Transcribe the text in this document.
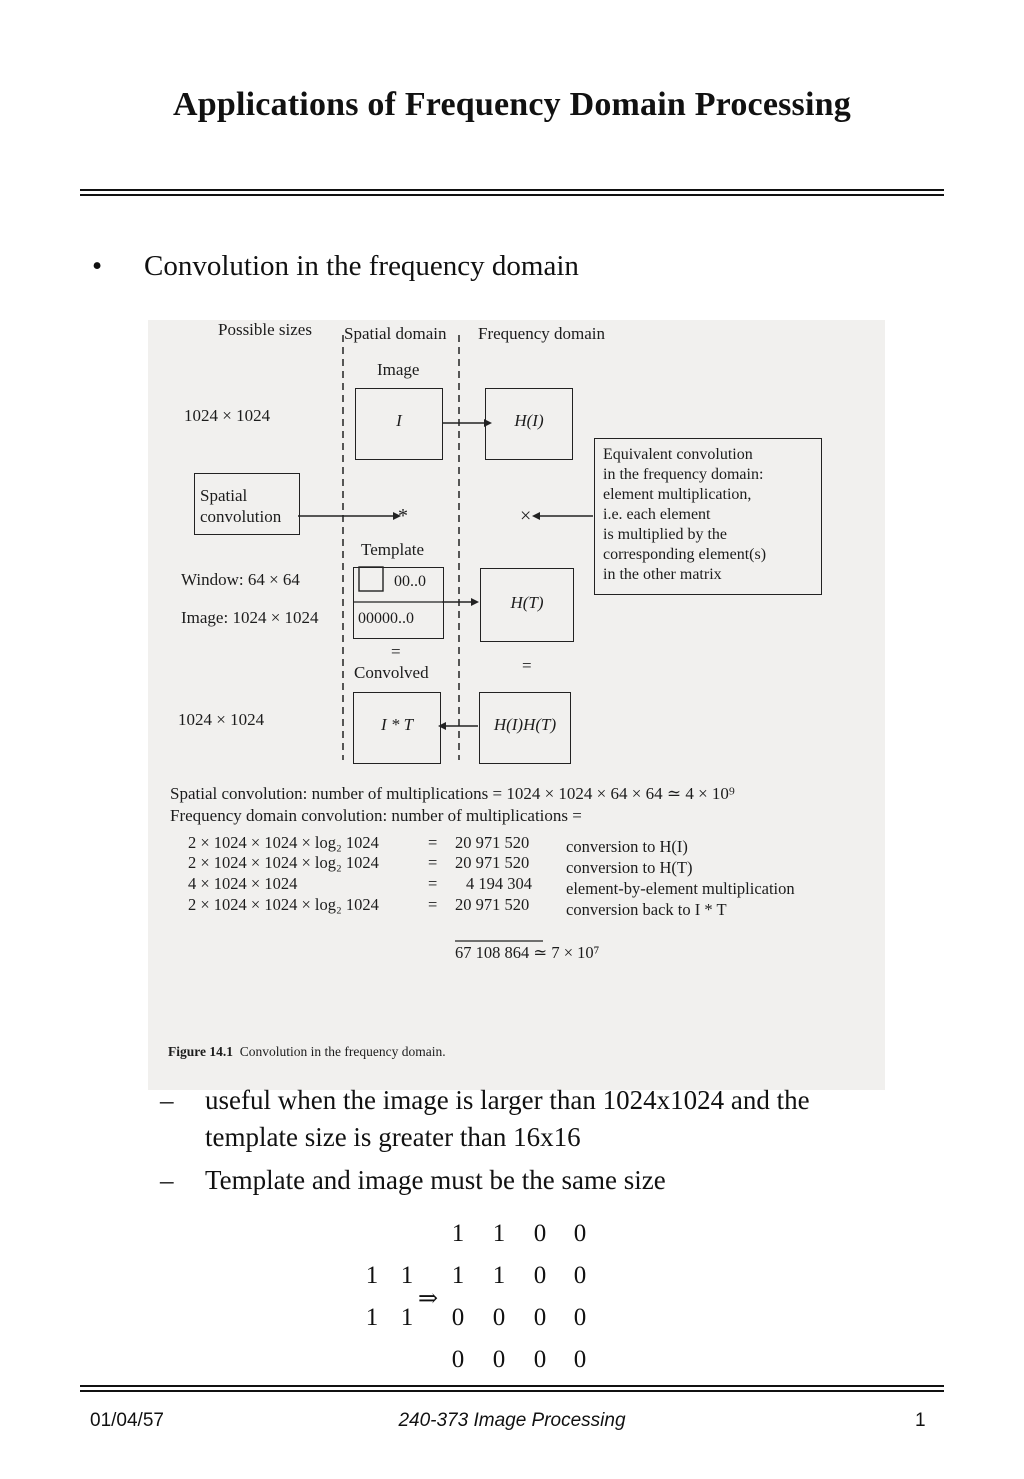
Applications of Frequency Domain Processing
• Convolution in the frequency domain
Possible sizes Spatial domain Frequency domain
Image
1024 × 1024	I	H(I)
Spatial
convolution	*	×
Equivalent convolution
in the frequency domain:
element multiplication,
i.e. each element
is multiplied by the
corresponding element(s)
in the other matrix
Template
Window: 64 × 64
Image: 1024 × 1024
00..0
00000..0
H(T)
=
Convolved	=
1024 × 1024	I * T	H(I)H(T)
Spatial convolution: number of multiplications = 1024 × 1024 × 64 × 64 ≃ 4 × 10⁹
Frequency domain convolution: number of multiplications =
2 × 1024 × 1024 × log₂ 1024	= 20 971 520 conversion to H(I)
2 × 1024 × 1024 × log₂ 1024	= 20 971 520 conversion to H(T)
4 × 1024 × 1024	= 4 194 304 element-by-element multiplication
2 × 1024 × 1024 × log₂ 1024	= 20 971 520 conversion back to I * T
67 108 864 ≃ 7 × 10⁷
Figure 14.1 Convolution in the frequency domain.
– useful when the image is larger than 1024x1024 and the
template size is greater than 16x16
– Template and image must be the same size
1 1
1 1
⇒
1	1	0	0
1	1	0	0
0	0	0	0
0	0	0	0
01/04/57	240-373 Image Processing	1
